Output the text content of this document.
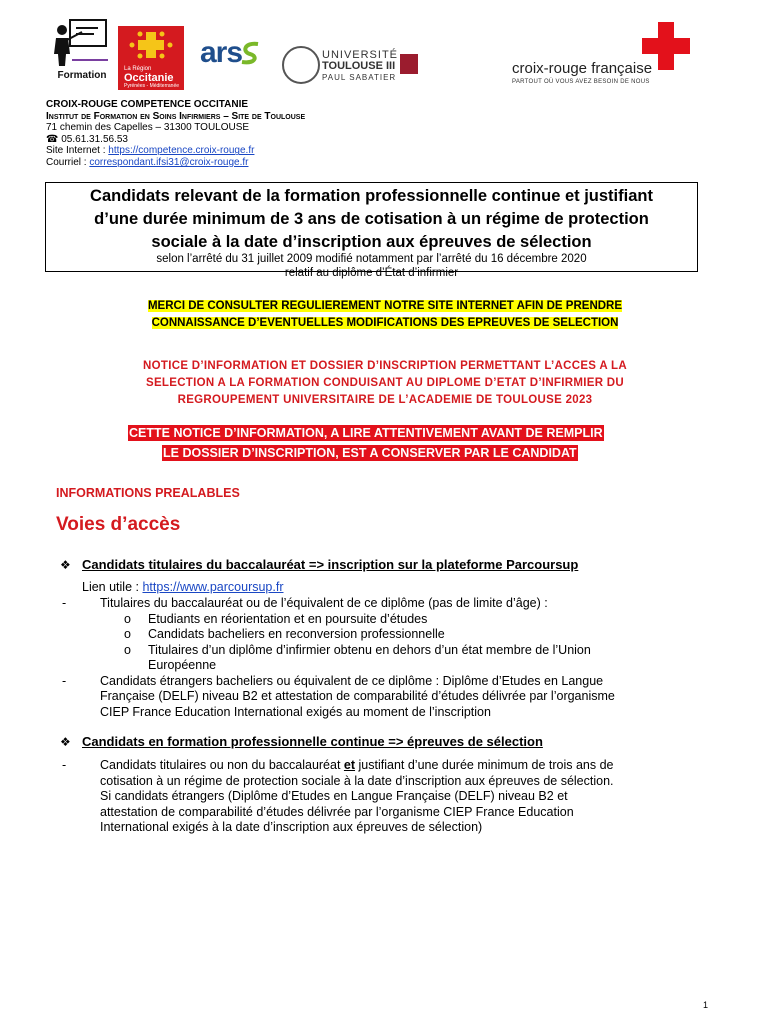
Formation
La Région
Occitanie
Pyrénées - Méditerranée
ars	UNIVERSITÉ
TOULOUSE III
PAUL SABATIER
croix-rouge française
PARTOUT OÙ VOUS AVEZ BESOIN DE NOUS
CROIX-ROUGE COMPETENCE OCCITANIE
Institut de Formation en Soins Infirmiers – Site de Toulouse
71 chemin des Capelles – 31300 TOULOUSE
☎ 05.61.31.56.53
Site Internet : https://competence.croix-rouge.fr
Courriel : correspondant.ifsi31@croix-rouge.fr
Candidats relevant de la formation professionnelle continue et justifiant
d’une durée minimum de 3 ans de cotisation à un régime de protection
sociale à la date d’inscription aux épreuves de sélection
selon l’arrêté du 31 juillet 2009 modifié notamment par l’arrêté du 16 décembre 2020
relatif au diplôme d’État d’infirmier
MERCI DE CONSULTER REGULIEREMENT NOTRE SITE INTERNET AFIN DE PRENDRE
CONNAISSANCE D’EVENTUELLES MODIFICATIONS DES EPREUVES DE SELECTION
NOTICE D’INFORMATION ET DOSSIER D’INSCRIPTION PERMETTANT L’ACCES A LA
SELECTION A LA FORMATION CONDUISANT AU DIPLOME D’ETAT D’INFIRMIER DU
REGROUPEMENT UNIVERSITAIRE DE L’ACADEMIE DE TOULOUSE 2023
CETTE NOTICE D’INFORMATION, A LIRE ATTENTIVEMENT AVANT DE REMPLIR
LE DOSSIER D’INSCRIPTION, EST A CONSERVER PAR LE CANDIDAT
INFORMATIONS PREALABLES
Voies d’accès
❖ Candidats titulaires du baccalauréat => inscription sur la plateforme Parcoursup
Lien utile : https://www.parcoursup.fr
-	Titulaires du baccalauréat ou de l’équivalent de ce diplôme (pas de limite d’âge) :
o Etudiants en réorientation et en poursuite d’études
o Candidats bacheliers en reconversion professionnelle
o Titulaires d’un diplôme d’infirmier obtenu en dehors d’un état membre de l’Union
Européenne
-	Candidats étrangers bacheliers ou équivalent de ce diplôme : Diplôme d’Etudes en Langue
Française (DELF) niveau B2 et attestation de comparabilité d’études délivrée par l’organisme
CIEP France Education International exigés au moment de l’inscription
❖ Candidats en formation professionnelle continue => épreuves de sélection
-	Candidats titulaires ou non du baccalauréat et justifiant d’une durée minimum de trois ans de
cotisation à un régime de protection sociale à la date d’inscription aux épreuves de sélection.
Si candidats étrangers (Diplôme d’Etudes en Langue Française (DELF) niveau B2 et
attestation de comparabilité d’études délivrée par l’organisme CIEP France Education
International exigés à la date d’inscription aux épreuves de sélection)
1
